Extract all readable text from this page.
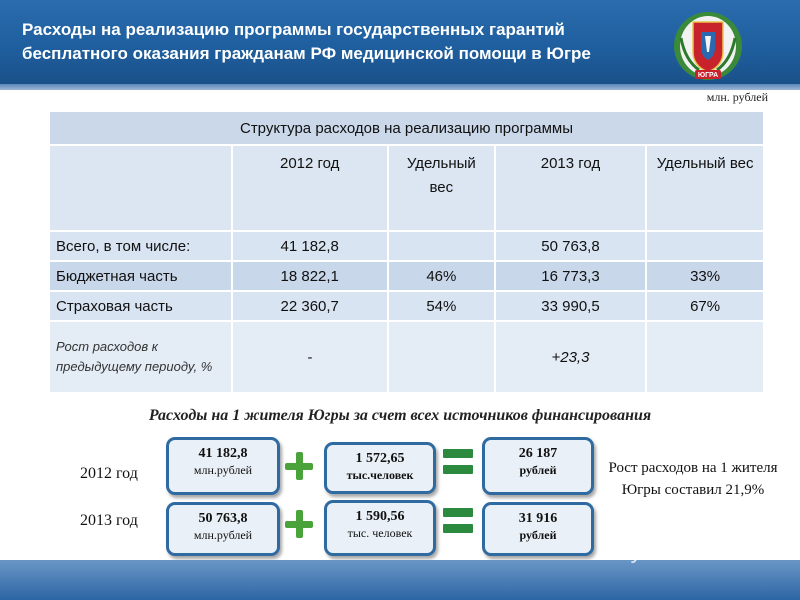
Расходы на реализацию программы государственных гарантий
бесплатного оказания гражданам РФ медицинской помощи в Югре
ЮГРА
млн. рублей
Структура расходов на реализацию программы				
	2012 год	Удельный вес	2013 год	Удельный вес
Всего, в том числе:	41 182,8		50 763,8	
Бюджетная часть	18 822,1	46%	16 773,3	33%
Страховая часть	22 360,7	54%	33 990,5	67%
Рост расходов к предыдущему периоду, %	-		+23,3	
Расходы на 1 жителя Югры за счет всех источников финансирования
2012 год
41 182,8
млн.рублей
1 572,65
тыс.человек
26 187
рублей
2013 год	50 763,8
млн.рублей
1 590,56
тыс. человек
31 916
рублей
Рост расходов на 1 жителя Югры составил 21,9%
MyShared
